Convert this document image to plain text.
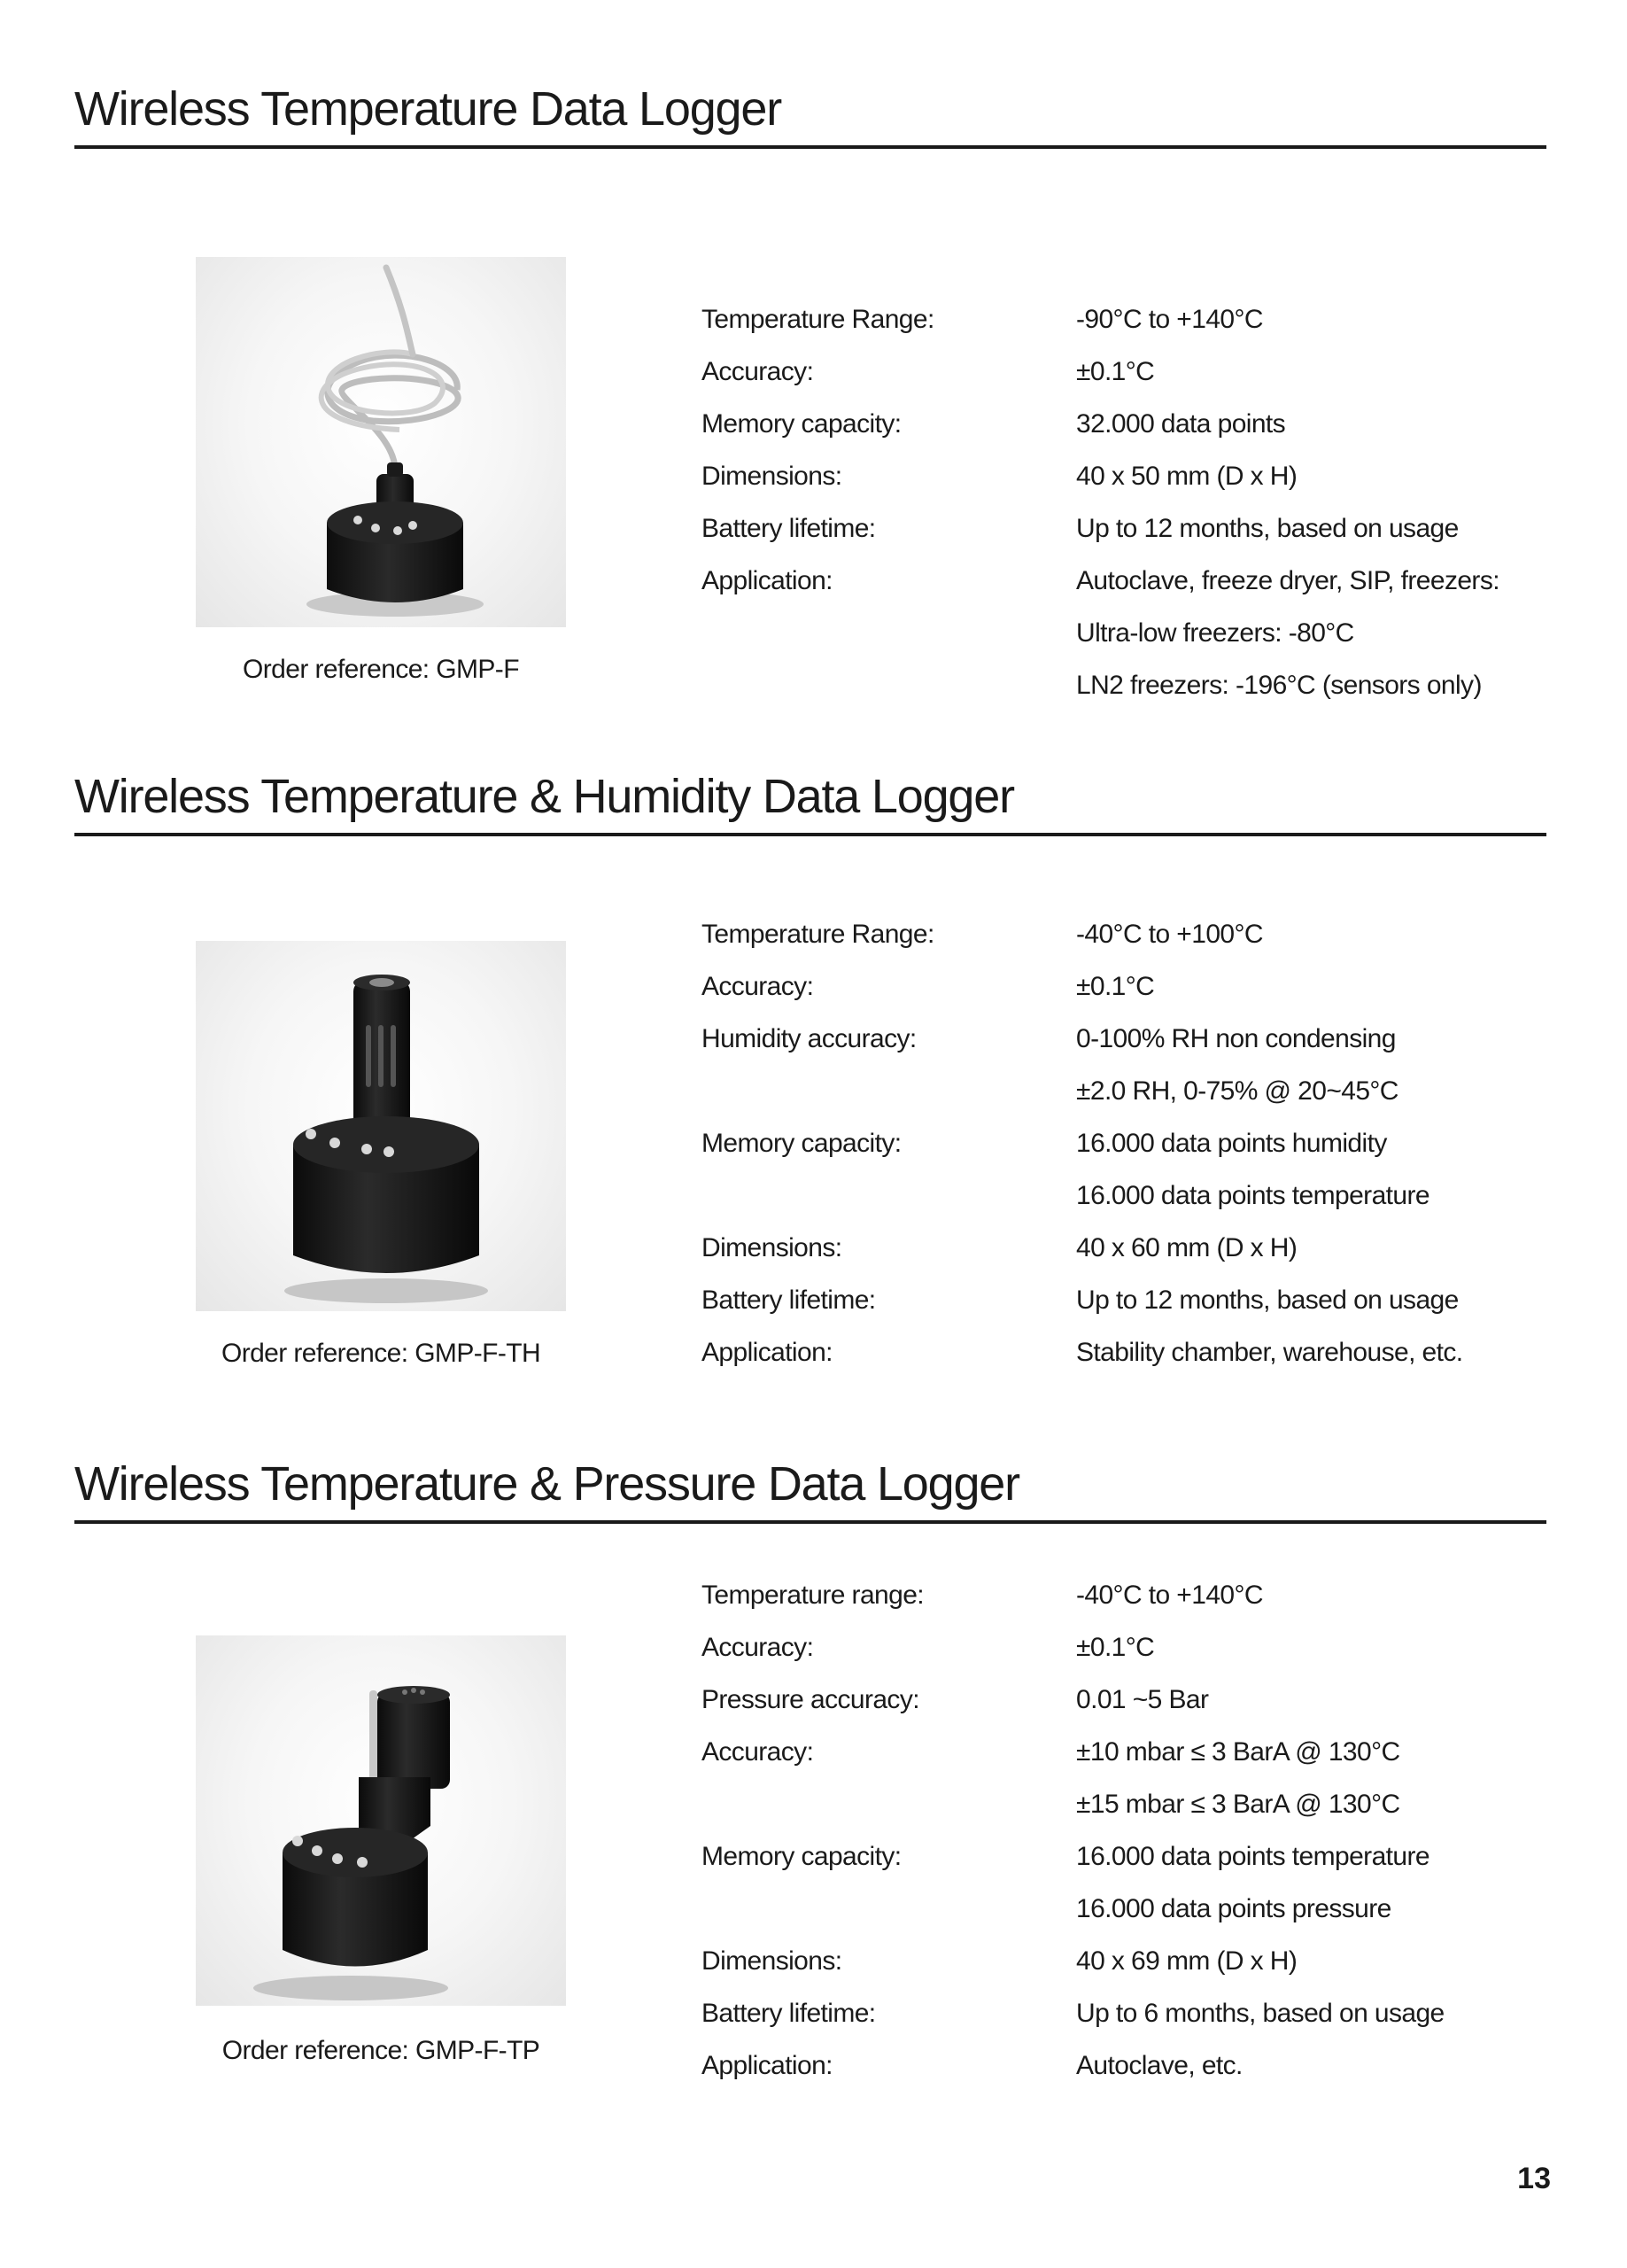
Wireless Temperature Data Logger
Order reference: GMP-F
Temperature Range:	-90°C to +140°C
Accuracy:	±0.1°C
Memory capacity:	32.000 data points
Dimensions:	40 x 50 mm (D x H)
Battery lifetime:	Up to 12 months, based on usage
Application:	Autoclave, freeze dryer, SIP, freezers:
Ultra-low freezers: -80°C
LN2 freezers: -196°C (sensors only)
Wireless Temperature & Humidity Data Logger
Order reference: GMP-F-TH
Temperature Range:	-40°C to +100°C
Accuracy:	±0.1°C
Humidity accuracy:	0-100% RH non condensing
±2.0 RH, 0-75% @ 20~45°C
Memory capacity:	16.000 data points humidity
16.000 data points temperature
Dimensions:	40 x 60 mm (D x H)
Battery lifetime:	Up to 12 months, based on usage
Application:	Stability chamber, warehouse, etc.
Wireless Temperature & Pressure Data Logger
Order reference: GMP-F-TP
Temperature range:	-40°C to +140°C
Accuracy:	±0.1°C
Pressure accuracy:	0.01 ~5 Bar
Accuracy:	±10 mbar ≤ 3 BarA @ 130°C
±15 mbar ≤ 3 BarA @ 130°C
Memory capacity:	16.000 data points temperature
16.000 data points pressure
Dimensions:	40 x 69 mm (D x H)
Battery lifetime:	Up to 6 months, based on usage
Application:	Autoclave, etc.
13
